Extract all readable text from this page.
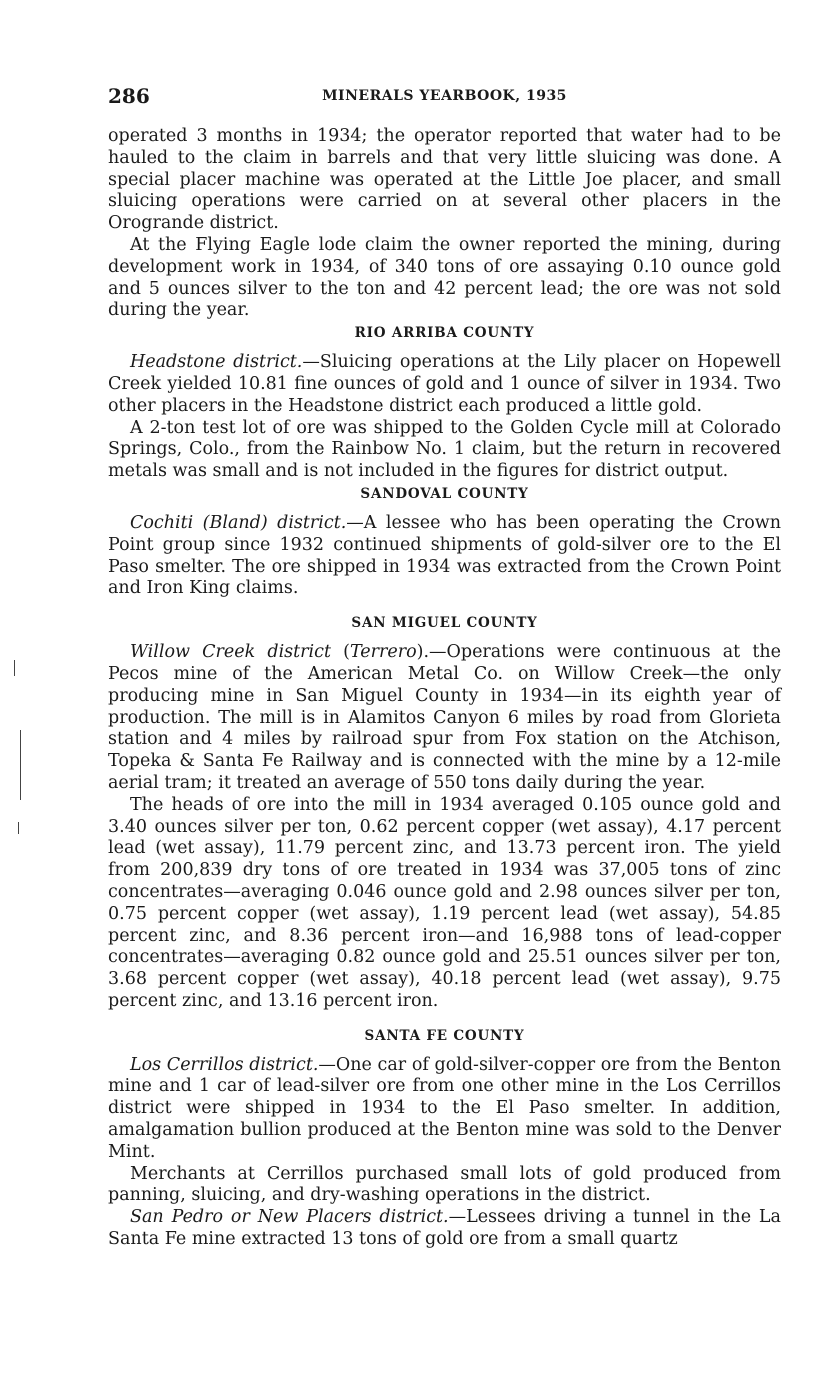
286	MINERALS YEARBOOK, 1935

operated 3 months in 1934; the operator reported that water had to be hauled to the claim in barrels and that very little sluicing was done. A special placer machine was operated at the Little Joe placer, and small sluicing operations were carried on at several other placers in the Orogrande district.

At the Flying Eagle lode claim the owner reported the mining, during development work in 1934, of 340 tons of ore assaying 0.10 ounce gold and 5 ounces silver to the ton and 42 percent lead; the ore was not sold during the year.

RIO ARRIBA COUNTY

Headstone district.—Sluicing operations at the Lily placer on Hopewell Creek yielded 10.81 fine ounces of gold and 1 ounce of silver in 1934. Two other placers in the Headstone district each produced a little gold.

A 2-ton test lot of ore was shipped to the Golden Cycle mill at Colorado Springs, Colo., from the Rainbow No. 1 claim, but the return in recovered metals was small and is not included in the figures for district output.

SANDOVAL COUNTY

Cochiti (Bland) district.—A lessee who has been operating the Crown Point group since 1932 continued shipments of gold-silver ore to the El Paso smelter. The ore shipped in 1934 was extracted from the Crown Point and Iron King claims.

SAN MIGUEL COUNTY

Willow Creek district (Terrero).—Operations were continuous at the Pecos mine of the American Metal Co. on Willow Creek—the only producing mine in San Miguel County in 1934—in its eighth year of production. The mill is in Alamitos Canyon 6 miles by road from Glorieta station and 4 miles by railroad spur from Fox station on the Atchison, Topeka & Santa Fe Railway and is connected with the mine by a 12-mile aerial tram; it treated an average of 550 tons daily during the year.

The heads of ore into the mill in 1934 averaged 0.105 ounce gold and 3.40 ounces silver per ton, 0.62 percent copper (wet assay), 4.17 percent lead (wet assay), 11.79 percent zinc, and 13.73 percent iron. The yield from 200,839 dry tons of ore treated in 1934 was 37,005 tons of zinc concentrates—averaging 0.046 ounce gold and 2.98 ounces silver per ton, 0.75 percent copper (wet assay), 1.19 percent lead (wet assay), 54.85 percent zinc, and 8.36 percent iron—and 16,988 tons of lead-copper concentrates—averaging 0.82 ounce gold and 25.51 ounces silver per ton, 3.68 percent copper (wet assay), 40.18 percent lead (wet assay), 9.75 percent zinc, and 13.16 percent iron.

SANTA FE COUNTY

Los Cerrillos district.—One car of gold-silver-copper ore from the Benton mine and 1 car of lead-silver ore from one other mine in the Los Cerrillos district were shipped in 1934 to the El Paso smelter. In addition, amalgamation bullion produced at the Benton mine was sold to the Denver Mint.

Merchants at Cerrillos purchased small lots of gold produced from panning, sluicing, and dry-washing operations in the district.

San Pedro or New Placers district.—Lessees driving a tunnel in the La Santa Fe mine extracted 13 tons of gold ore from a small quartz
